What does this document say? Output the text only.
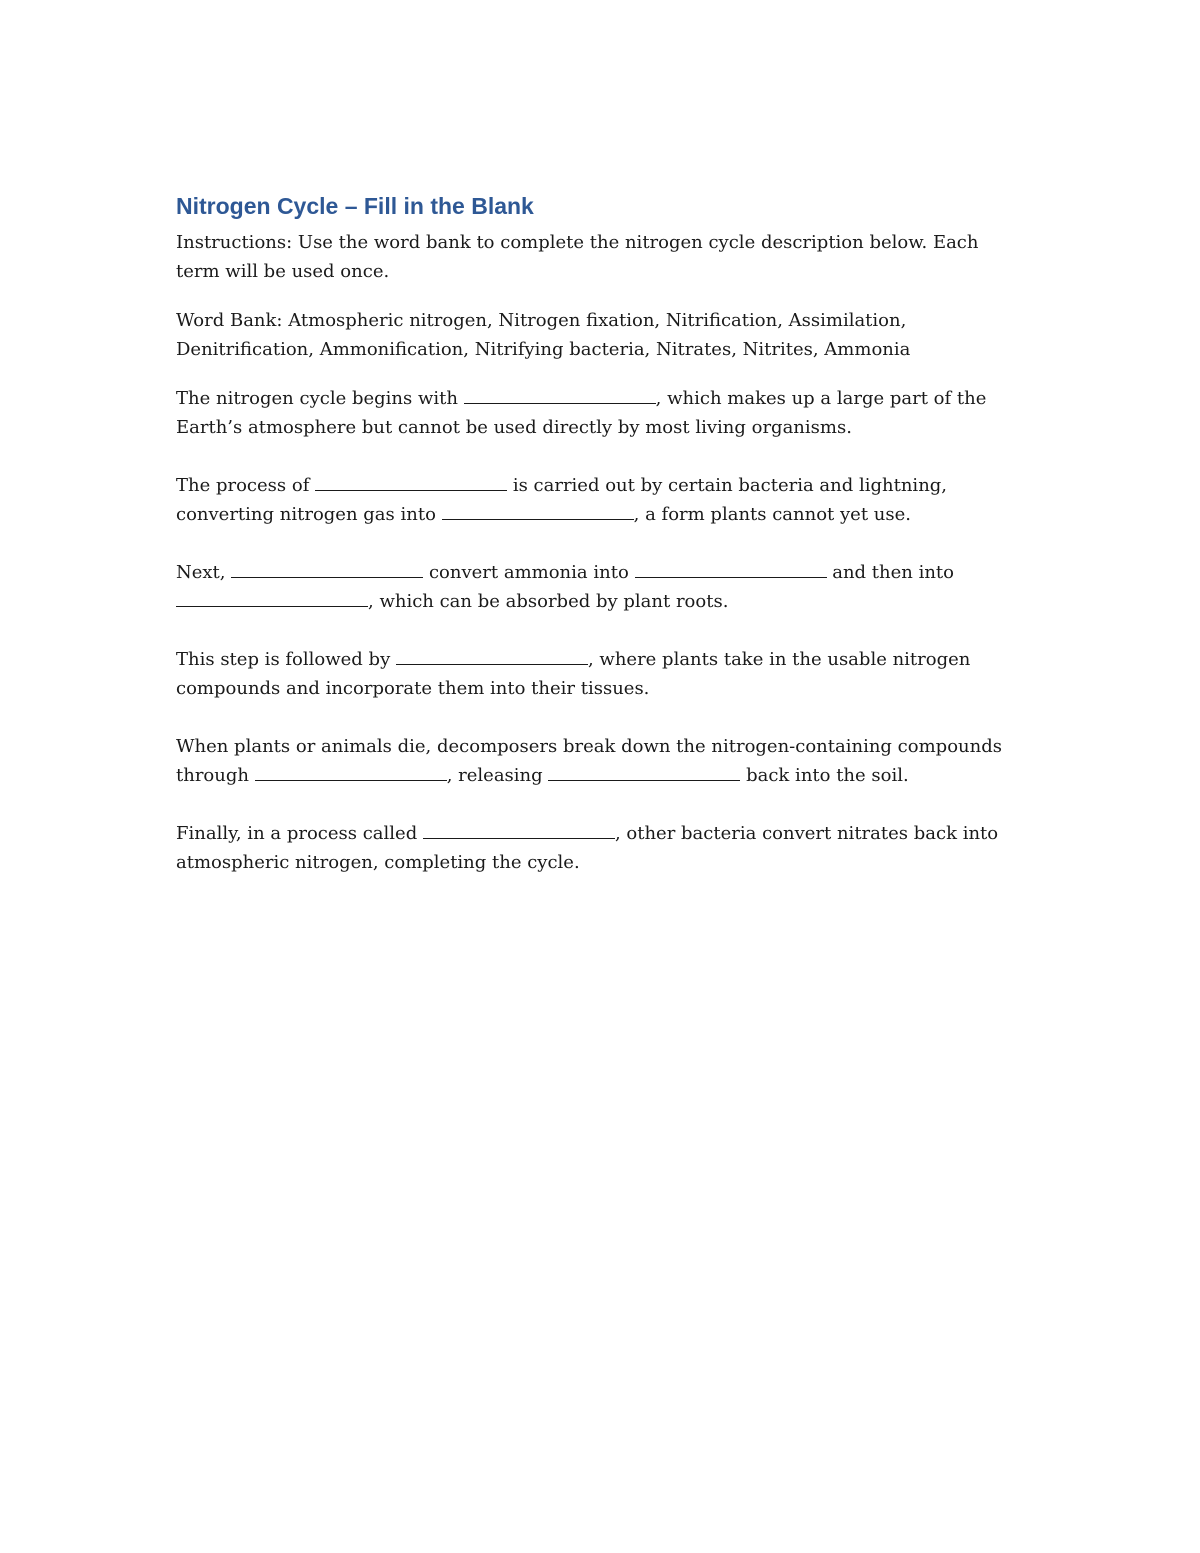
Nitrogen Cycle – Fill in the Blank

Instructions: Use the word bank to complete the nitrogen cycle description below. Each term will be used once.

Word Bank: Atmospheric nitrogen, Nitrogen fixation, Nitrification, Assimilation, Denitrification, Ammonification, Nitrifying bacteria, Nitrates, Nitrites, Ammonia

The nitrogen cycle begins with	, which makes up a large part of the Earth’s atmosphere but cannot be used directly by most living organisms.

The process of	is carried out by certain bacteria and lightning, converting nitrogen gas into	, a form plants cannot yet use.

Next,	convert ammonia into	and then into , which can be absorbed by plant roots.

This step is followed by	, where plants take in the usable nitrogen compounds and incorporate them into their tissues.

When plants or animals die, decomposers break down the nitrogen-containing compounds through	, releasing	back into the soil.

Finally, in a process called	, other bacteria convert nitrates back into atmospheric nitrogen, completing the cycle.
